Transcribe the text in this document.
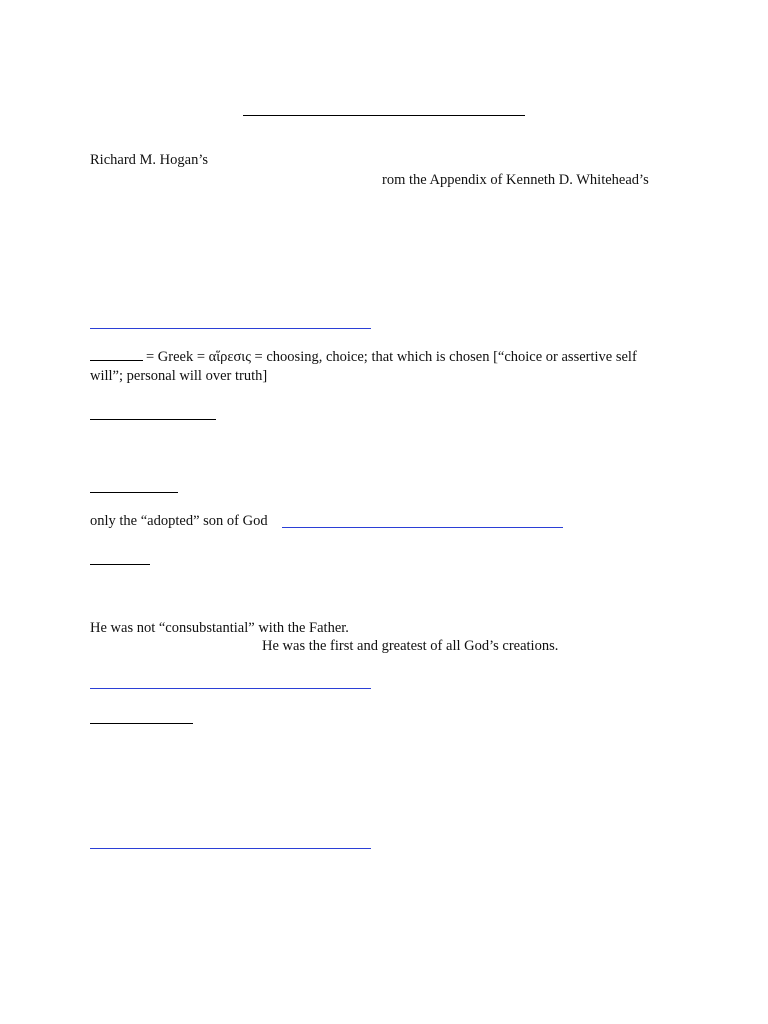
Richard M. Hogan’s
rom the Appendix of Kenneth D. Whitehead’s
= Greek = αἵρεσις = choosing, choice; that which is chosen [“choice or assertive self will”; personal will over truth]
only the “adopted” son of God
He was not “consubstantial” with the Father.
He was the first and greatest of all God’s creations.
